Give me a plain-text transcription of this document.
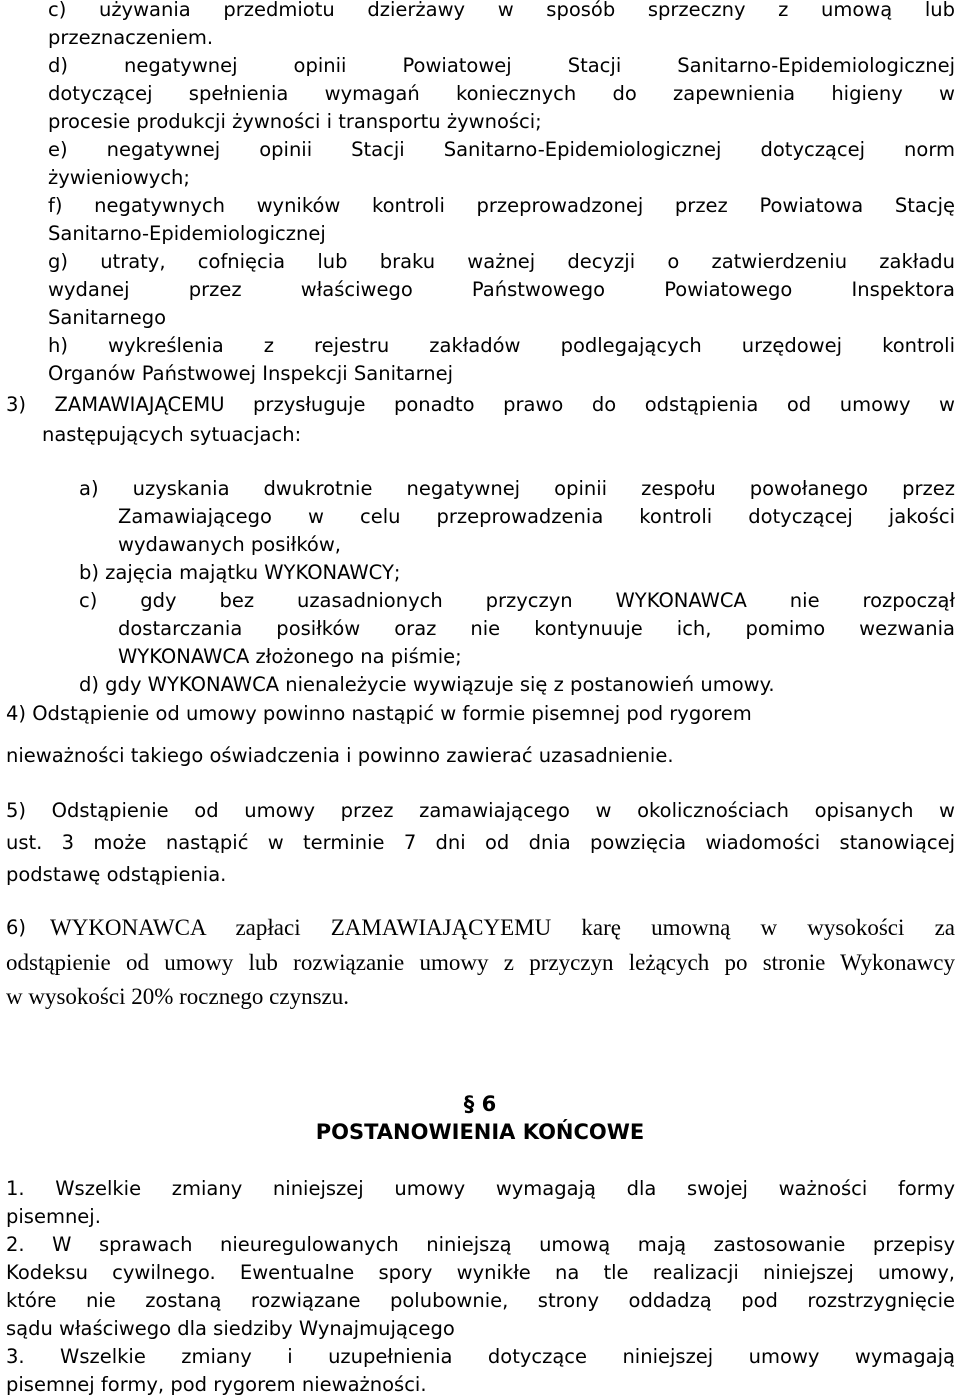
c) używania przedmiotu dzierżawy w sposób sprzeczny z umową lub
przeznaczeniem.
d) negatywnej opinii Powiatowej Stacji Sanitarno-Epidemiologicznej
dotyczącej spełnienia wymagań koniecznych do zapewnienia higieny w
procesie produkcji żywności i transportu żywności;
e) negatywnej opinii Stacji Sanitarno-Epidemiologicznej dotyczącej norm
żywieniowych;
f) negatywnych wyników kontroli przeprowadzonej przez Powiatowa Stację
Sanitarno-Epidemiologicznej
g) utraty, cofnięcia lub braku ważnej decyzji o zatwierdzeniu zakładu
wydanej przez właściwego Państwowego Powiatowego Inspektora
Sanitarnego
h) wykreślenia z rejestru zakładów podlegających urzędowej kontroli
Organów Państwowej Inspekcji Sanitarnej
3) ZAMAWIAJĄCEMU przysługuje ponadto prawo do odstąpienia od umowy w
następujących sytuacjach:
a) uzyskania dwukrotnie negatywnej opinii zespołu powołanego przez
Zamawiającego w celu przeprowadzenia kontroli dotyczącej jakości
wydawanych posiłków,
b) zajęcia majątku WYKONAWCY;
c) gdy bez uzasadnionych przyczyn WYKONAWCA nie rozpoczął
dostarczania posiłków oraz nie kontynuuje ich, pomimo wezwania
WYKONAWCA złożonego na piśmie;
d) gdy WYKONAWCA nienależycie wywiązuje się z postanowień umowy.
4) Odstąpienie od umowy powinno nastąpić w formie pisemnej pod rygorem
nieważności takiego oświadczenia i powinno zawierać uzasadnienie.
5) Odstąpienie od umowy przez zamawiającego w okolicznościach opisanych w
ust. 3 może nastąpić w terminie 7 dni od dnia powzięcia wiadomości stanowiącej
podstawę odstąpienia.
6)	WYKONAWCA zapłaci ZAMAWIAJĄCYEMU karę umowną w wysokości za
odstąpienie od umowy lub rozwiązanie umowy z przyczyn leżących po stronie Wykonawcy
w wysokości 20% rocznego czynszu.
§ 6
POSTANOWIENIA KOŃCOWE
1. Wszelkie zmiany niniejszej umowy wymagają dla swojej ważności formy
pisemnej.
2. W sprawach nieuregulowanych niniejszą umową mają zastosowanie przepisy
Kodeksu cywilnego. Ewentualne spory wynikłe na tle realizacji niniejszej umowy,
które nie zostaną rozwiązane polubownie, strony oddadzą pod rozstrzygnięcie
sądu właściwego dla siedziby Wynajmującego
3. Wszelkie zmiany i uzupełnienia dotyczące niniejszej umowy wymagają
pisemnej formy, pod rygorem nieważności.
